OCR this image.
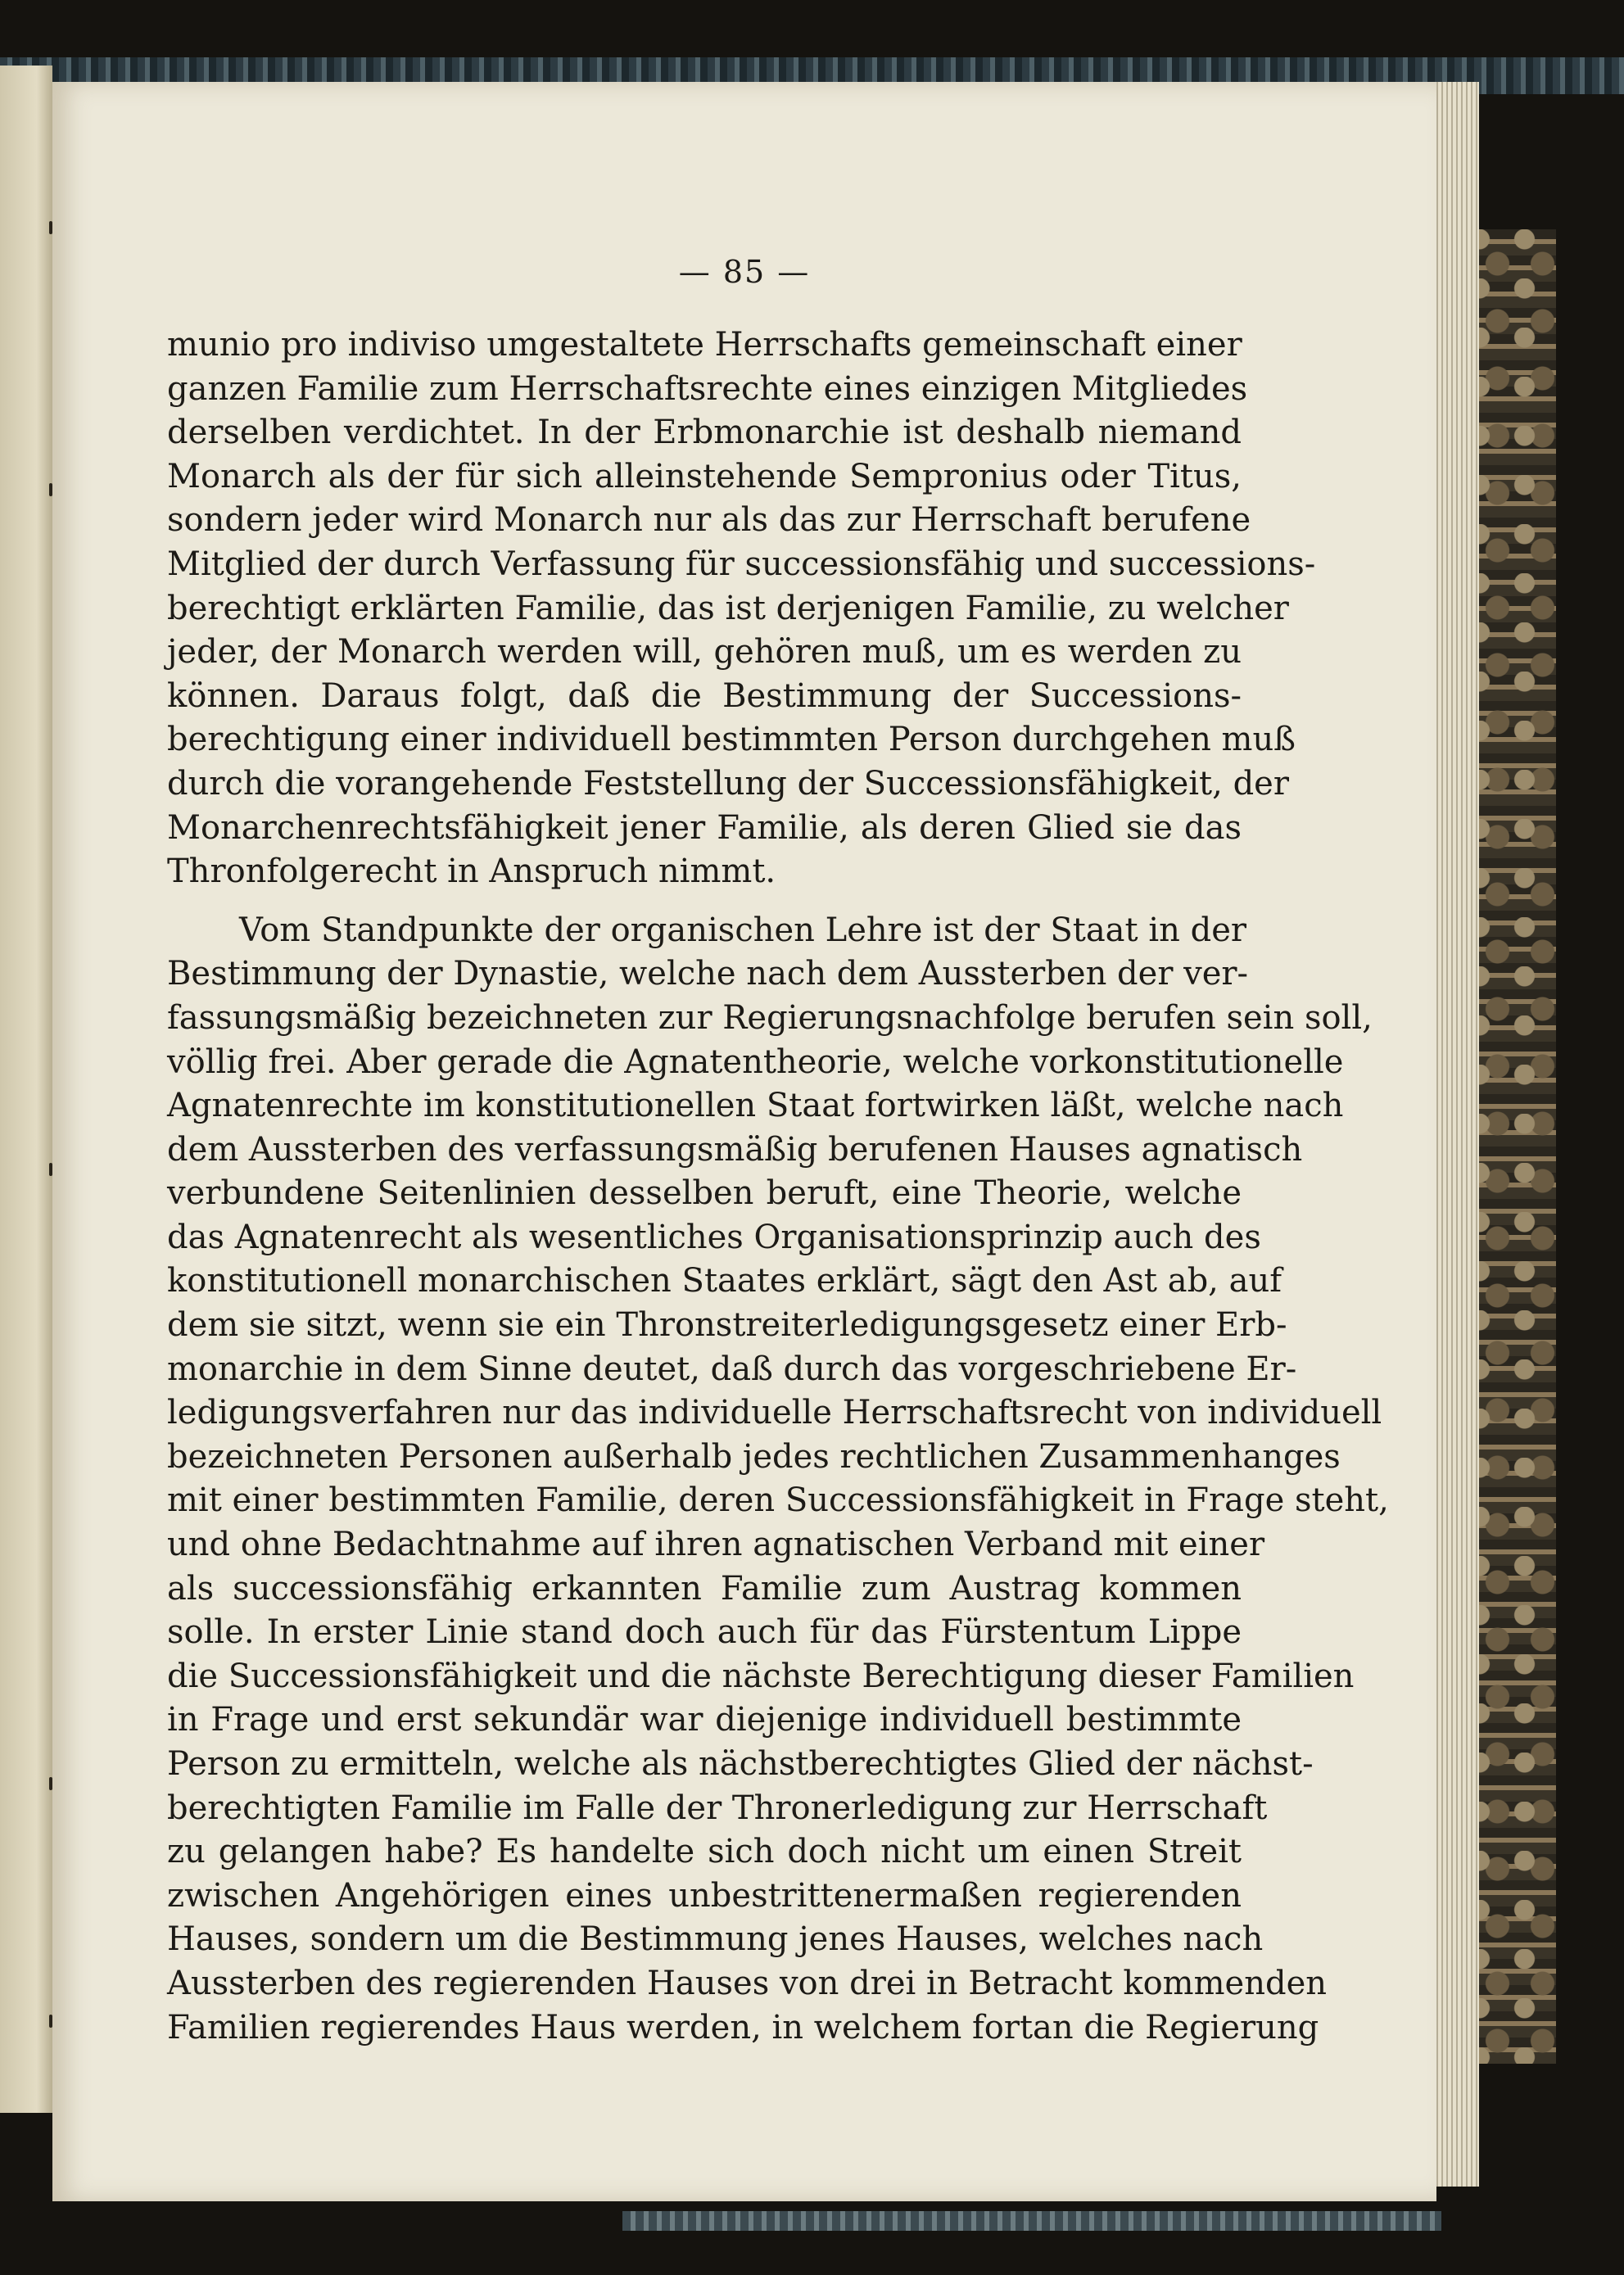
— 85 —
munio pro indiviso umgestaltete Herrschafts gemeinschaft einer
ganzen Familie zum Herrschaftsrechte eines einzigen Mitgliedes
derselben verdichtet. In der Erbmonarchie ist deshalb niemand
Monarch als der für sich alleinstehende Sempronius oder Titus,
sondern jeder wird Monarch nur als das zur Herrschaft berufene
Mitglied der durch Verfassung für successionsfähig und successions-
berechtigt erklärten Familie, das ist derjenigen Familie, zu welcher
jeder, der Monarch werden will, gehören muß, um es werden zu
können. Daraus folgt, daß die Bestimmung der Successions-
berechtigung einer individuell bestimmten Person durchgehen muß
durch die vorangehende Feststellung der Successionsfähigkeit, der
Monarchenrechtsfähigkeit jener Familie, als deren Glied sie das
Thronfolgerecht in Anspruch nimmt.
Vom Standpunkte der organischen Lehre ist der Staat in der
Bestimmung der Dynastie, welche nach dem Aussterben der ver-
fassungsmäßig bezeichneten zur Regierungsnachfolge berufen sein soll,
völlig frei. Aber gerade die Agnatentheorie, welche vorkonstitutionelle
Agnatenrechte im konstitutionellen Staat fortwirken läßt, welche nach
dem Aussterben des verfassungsmäßig berufenen Hauses agnatisch
verbundene Seitenlinien desselben beruft, eine Theorie, welche
das Agnatenrecht als wesentliches Organisationsprinzip auch des
konstitutionell monarchischen Staates erklärt, sägt den Ast ab, auf
dem sie sitzt, wenn sie ein Thronstreiterledigungsgesetz einer Erb-
monarchie in dem Sinne deutet, daß durch das vorgeschriebene Er-
ledigungsverfahren nur das individuelle Herrschaftsrecht von individuell
bezeichneten Personen außerhalb jedes rechtlichen Zusammenhanges
mit einer bestimmten Familie, deren Successionsfähigkeit in Frage steht,
und ohne Bedachtnahme auf ihren agnatischen Verband mit einer
als successionsfähig erkannten Familie zum Austrag kommen
solle. In erster Linie stand doch auch für das Fürstentum Lippe
die Successionsfähigkeit und die nächste Berechtigung dieser Familien
in Frage und erst sekundär war diejenige individuell bestimmte
Person zu ermitteln, welche als nächstberechtigtes Glied der nächst-
berechtigten Familie im Falle der Thronerledigung zur Herrschaft
zu gelangen habe? Es handelte sich doch nicht um einen Streit
zwischen Angehörigen eines unbestrittenermaßen regierenden
Hauses, sondern um die Bestimmung jenes Hauses, welches nach
Aussterben des regierenden Hauses von drei in Betracht kommenden
Familien regierendes Haus werden, in welchem fortan die Regierung
